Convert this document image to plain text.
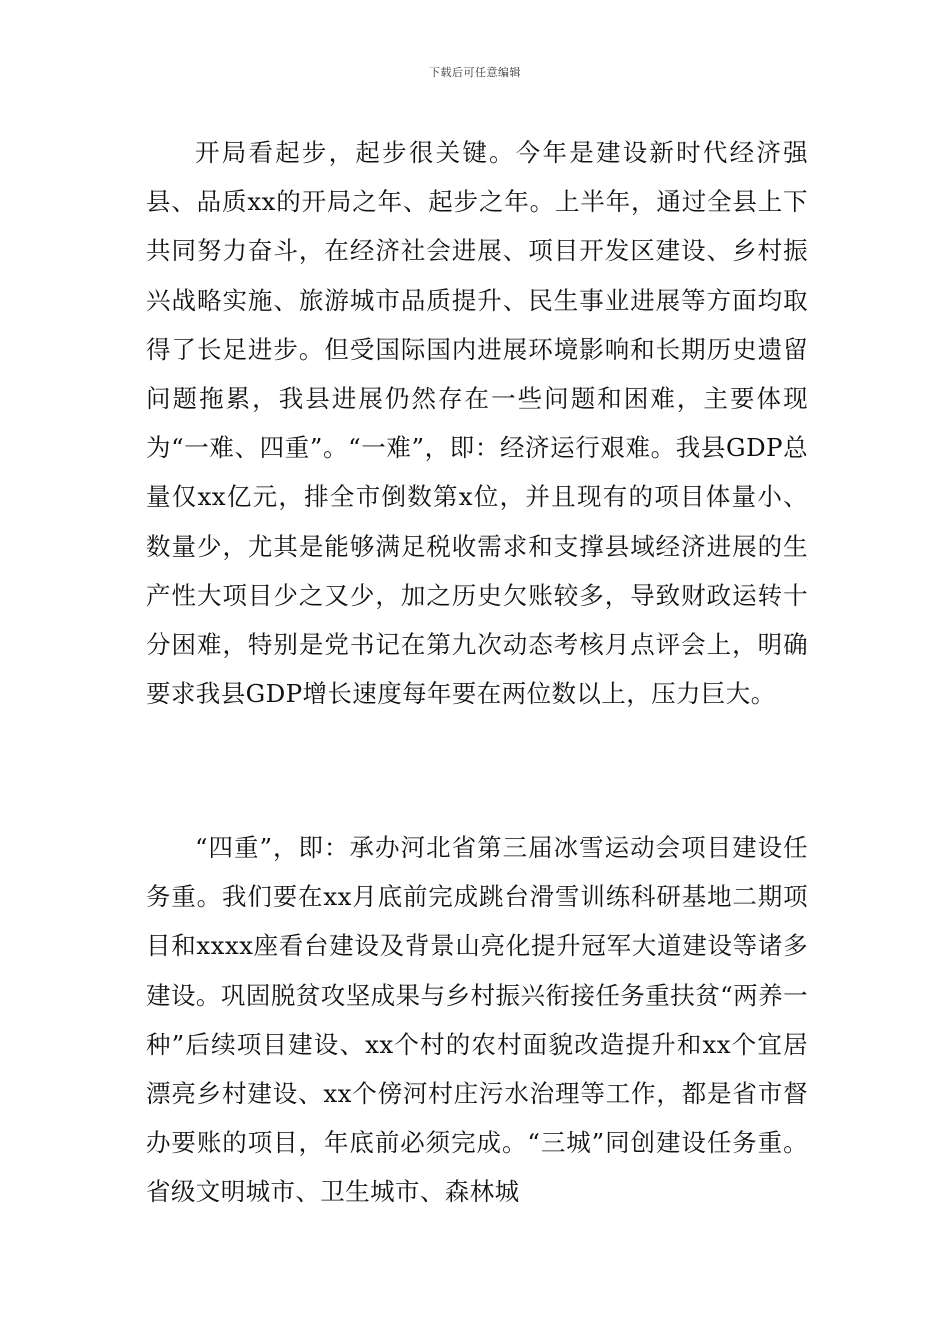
下载后可任意编辑

开局看起步，起步很关键。今年是建设新时代经济强县、品质xx的开局之年、起步之年。上半年，通过全县上下共同努力奋斗，在经济社会进展、项目开发区建设、乡村振兴战略实施、旅游城市品质提升、民生事业进展等方面均取得了长足进步。但受国际国内进展环境影响和长期历史遗留问题拖累，我县进展仍然存在一些问题和困难，主要体现为“一难、四重”。“一难”，即：经济运行艰难。我县GDP总量仅xx亿元，排全市倒数第x位，并且现有的项目体量小、数量少，尤其是能够满足税收需求和支撑县域经济进展的生产性大项目少之又少，加之历史欠账较多，导致财政运转十分困难，特别是党书记在第九次动态考核月点评会上，明确要求我县GDP增长速度每年要在两位数以上，压力巨大。

“四重”，即：承办河北省第三届冰雪运动会项目建设任务重。我们要在xx月底前完成跳台滑雪训练科研基地二期项目和xxxx座看台建设及背景山亮化提升冠军大道建设等诸多建设。巩固脱贫攻坚成果与乡村振兴衔接任务重扶贫“两养一种”后续项目建设、xx个村的农村面貌改造提升和xx个宜居漂亮乡村建设、xx个傍河村庄污水治理等工作，都是省市督办要账的项目，年底前必须完成。“三城”同创建设任务重。省级文明城市、卫生城市、森林城
